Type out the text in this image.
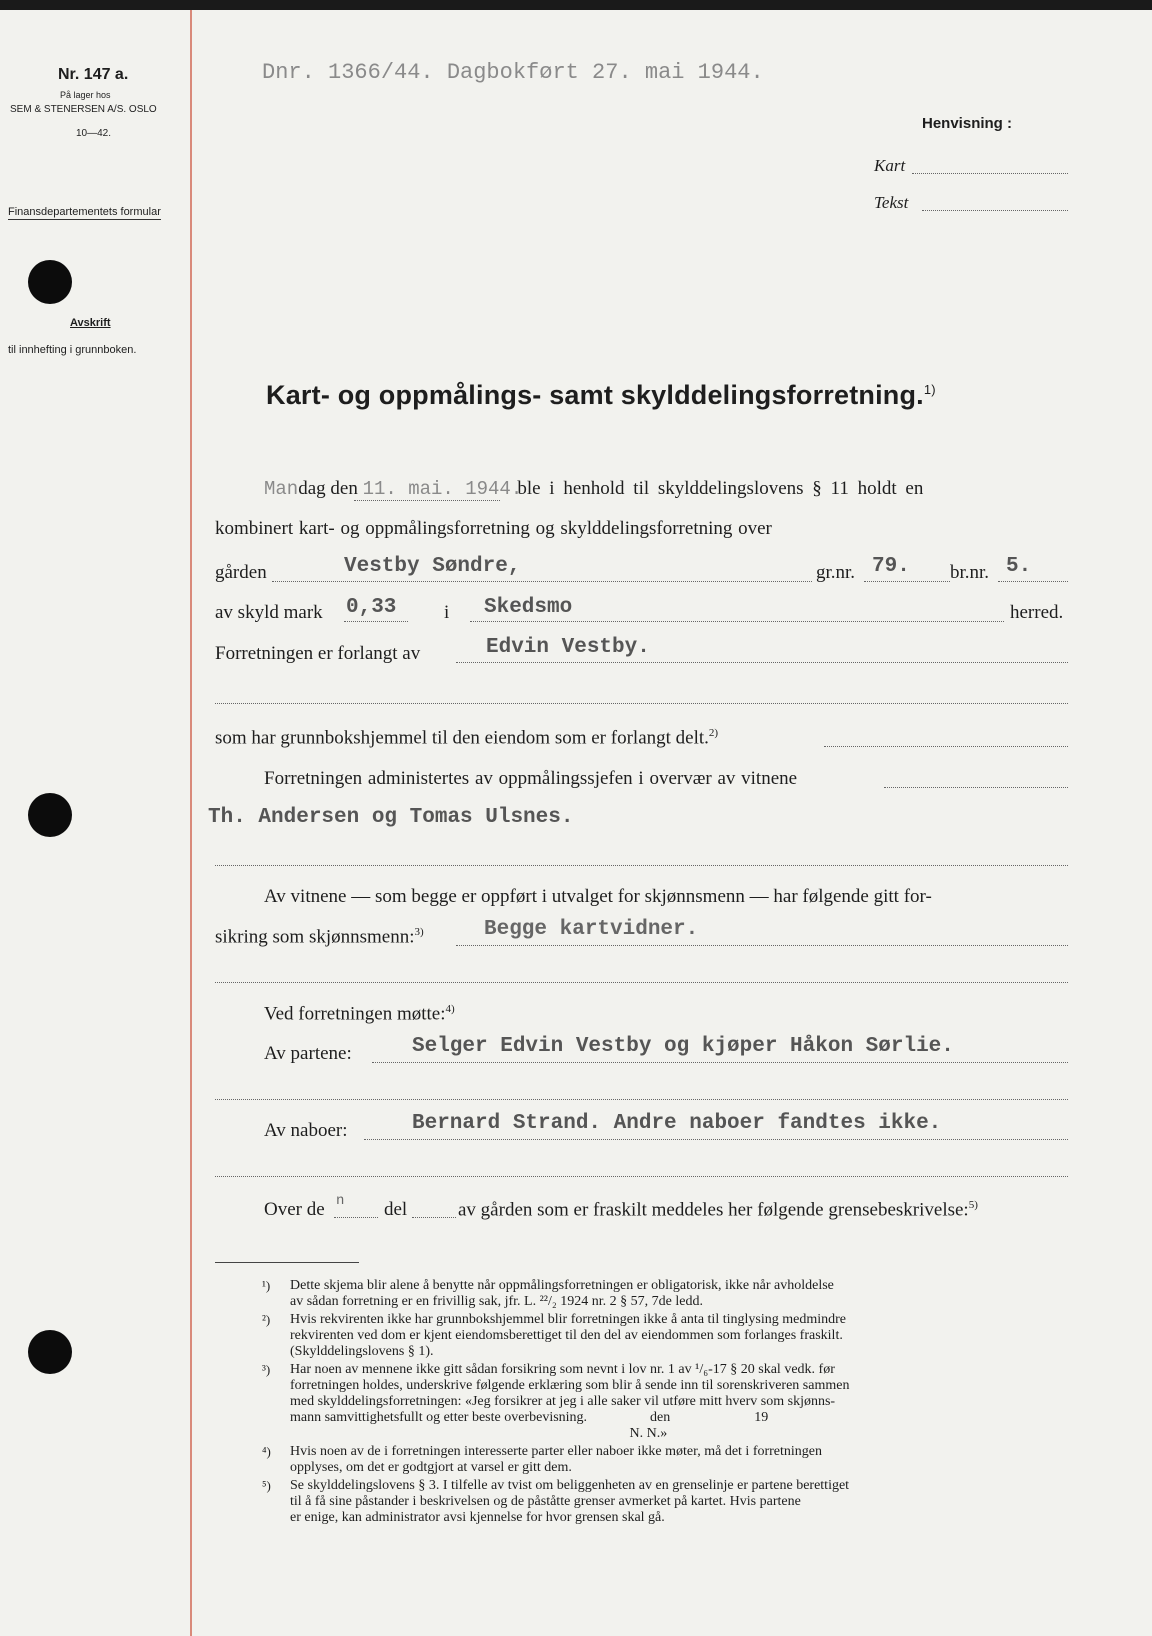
Nr. 147 a.
På lager hos
SEM & STENERSEN A/S. OSLO
10—42.
Finansdepartementets formular
Avskrift
til innhefting i grunnboken.
Dnr. 1366/44. Dagbokført 27. mai 1944.
Henvisning :
Kart
Tekst
Kart- og oppmålings- samt skylddelingsforretning.$^{1)}$
Mandag den 11. mai. 1944. ble i henhold til skylddelingslovens § 11 holdt en
kombinert kart- og oppmålingsforretning og skylddelingsforretning over
gården	Vestby Søndre,	gr.nr. 79. br.nr. 5.
av skyld mark 0,33	i Skedsmo	herred.
Forretningen er forlangt av	Edvin Vestby.
som har grunnbokshjemmel til den eiendom som er forlangt delt.$^{2)}$
Forretningen administertes av oppmålingssjefen i overvær av vitnene
Th. Andersen og Tomas Ulsnes.
Av vitnene — som begge er oppført i utvalget for skjønnsmenn — har følgende gitt for-
sikring som skjønnsmenn:$^{3)}$	Begge kartvidner.
Ved forretningen møtte:$^{4)}$
Av partene:	Selger Edvin Vestby og kjøper Håkon Sørlie.
Av naboer:	Bernard Strand. Andre naboer fandtes ikke.
Over de n del	av gården som er fraskilt meddeles her følgende grensebeskrivelse:$^{5)}$
¹) Dette skjema blir alene å benytte når oppmålingsforretningen er obligatorisk, ikke når avholdelse
av sådan forretning er en frivillig sak, jfr. L. ²²/₂ 1924 nr. 2 § 57, 7de ledd.
²) Hvis rekvirenten ikke har grunnbokshjemmel blir forretningen ikke å anta til tinglysing medmindre
rekvirenten ved dom er kjent eiendomsberettiget til den del av eiendommen som forlanges fraskilt.
(Skylddelingslovens § 1).
³) Har noen av mennene ikke gitt sådan forsikring som nevnt i lov nr. 1 av ¹/₆-17 § 20 skal vedk. før
forretningen holdes, underskrive følgende erklæring som blir å sende inn til sorenskriveren sammen
med skylddelingsforretningen: «Jeg forsikrer at jeg i alle saker vil utføre mitt hverv som skjønns-
mann samvittighetsfullt og etter beste overbevisning.                  den                        19
N. N.»
⁴) Hvis noen av de i forretningen interesserte parter eller naboer ikke møter, må det i forretningen
opplyses, om det er godtgjort at varsel er gitt dem.
⁵) Se skylddelingslovens § 3. I tilfelle av tvist om beliggenheten av en grenselinje er partene berettiget
til å få sine påstander i beskrivelsen og de påståtte grenser avmerket på kartet. Hvis partene
er enige, kan administrator avsi kjennelse for hvor grensen skal gå.
